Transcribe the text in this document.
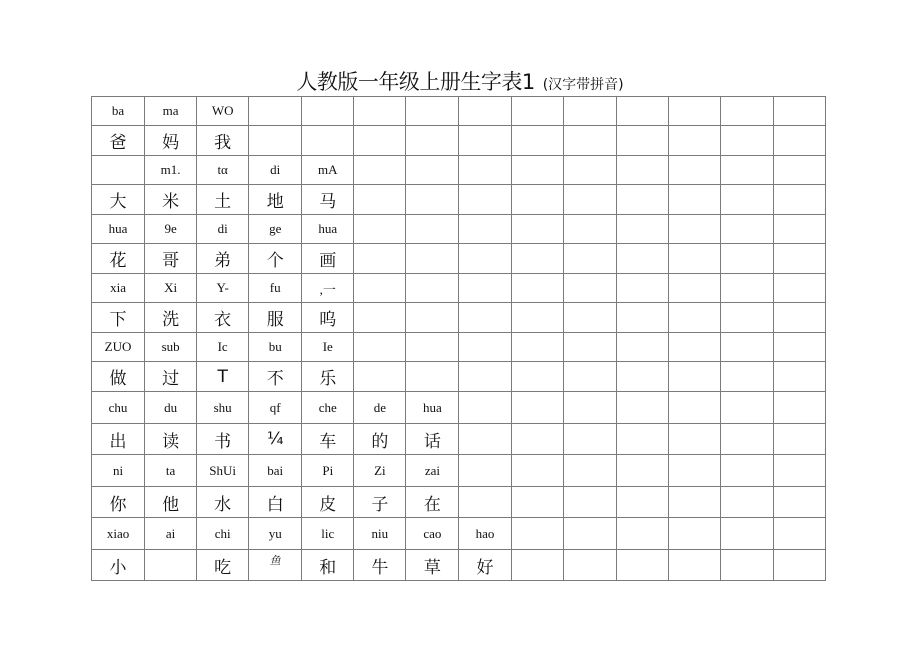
人教版一年级上册生字表1 (汉字带拼音)
ba	ma	WO											
爸	妈	我											
	m1.	tα	di	mA									
大	米	土	地	马									
hua	9e	di	ge	hua									
花	哥	弟	个	画									
xia	Xi	Y-	fu	,一									
下	洗	衣	服	呜									
ZUO	sub	Ic	bu	Ie									
做	过	T	不	乐									
chu	du	shu	qf	che	de	hua							
出	读	书	¼	车	的	话							
ni	ta	ShUi	bai	Pi	Zi	zai							
你	他	水	白	皮	子	在							
xiao	ai	chi	yu	lic	niu	cao	hao						
小		吃	$^鱼$	和	牛	草	好						
